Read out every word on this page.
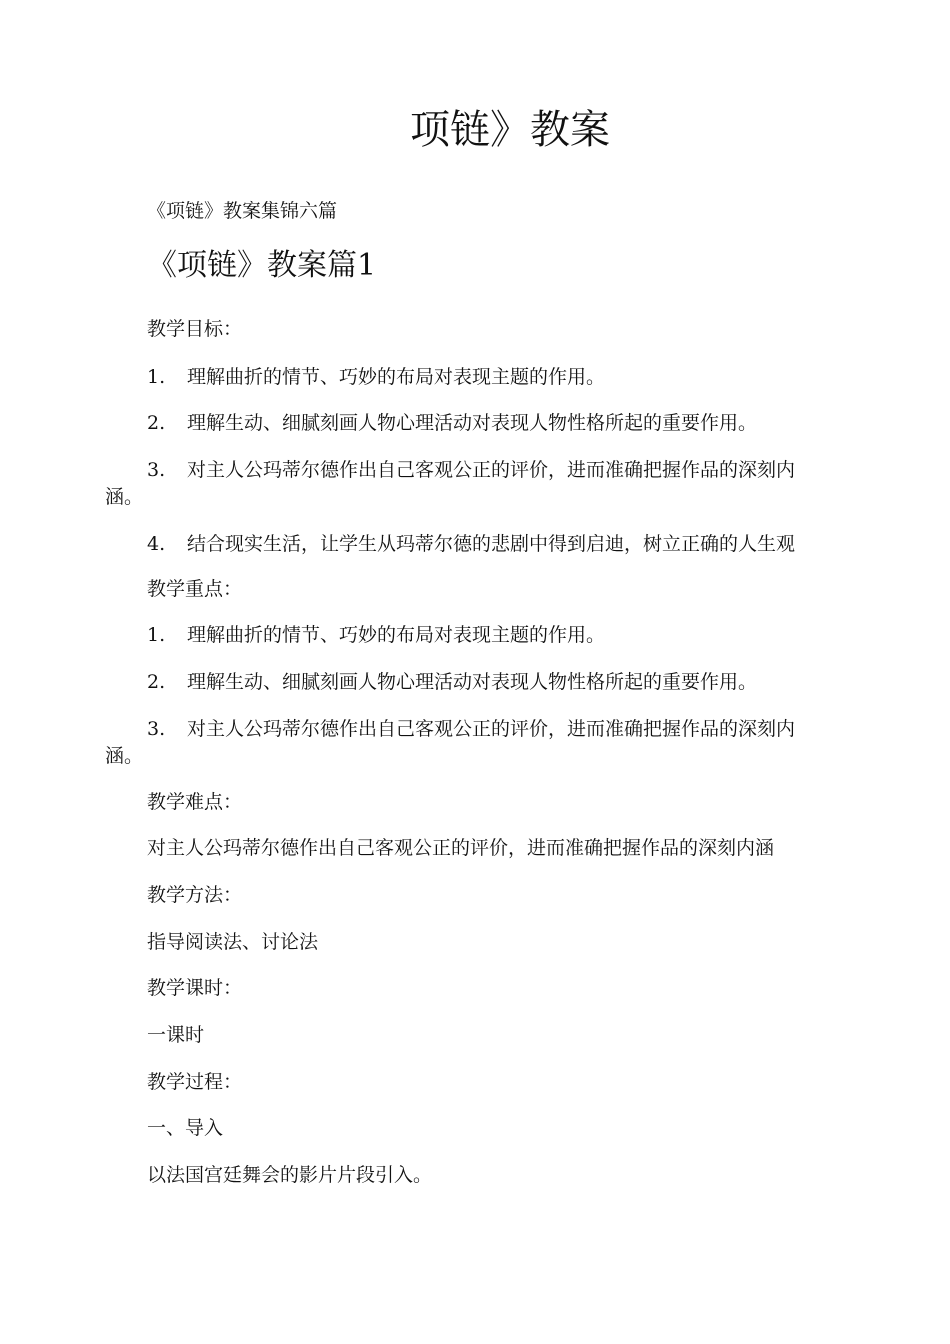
项链》教案
《项链》教案集锦六篇
《项链》教案篇1
教学目标：
1. 理解曲折的情节、巧妙的布局对表现主题的作用。
2. 理解生动、细腻刻画人物心理活动对表现人物性格所起的重要作用。
3. 对主人公玛蒂尔德作出自己客观公正的评价，进而准确把握作品的深刻内
涵。
4. 结合现实生活，让学生从玛蒂尔德的悲剧中得到启迪，树立正确的人生观
教学重点：
1. 理解曲折的情节、巧妙的布局对表现主题的作用。
2. 理解生动、细腻刻画人物心理活动对表现人物性格所起的重要作用。
3. 对主人公玛蒂尔德作出自己客观公正的评价，进而准确把握作品的深刻内
涵。
教学难点：
对主人公玛蒂尔德作出自己客观公正的评价，进而准确把握作品的深刻内涵
教学方法：
指导阅读法、讨论法
教学课时：
一课时
教学过程：
一、导入
以法国宫廷舞会的影片片段引入。
